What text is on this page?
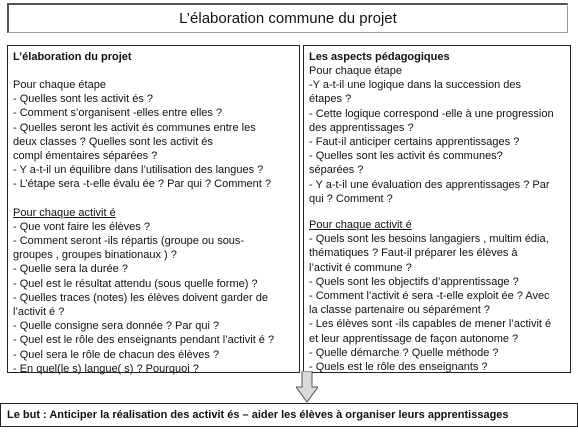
L’élaboration commune du projet
L’élaboration du projet
Pour chaque étape
- Quelles sont les activit és ?
- Comment s’organisent -elles entre elles ?
- Quelles seront les activit és communes entre les
deux classes ? Quelles sont les activit és
compl émentaires séparées ?
- Y a-t-il un équilibre dans l’utilisation des langues ?
- L’étape sera -t-elle évalu ée ? Par qui ? Comment ?
Pour chaque activit é
- Que vont faire les élèves ?
- Comment seront -ils répartis (groupe ou sous-
groupes , groupes binationaux ) ?
- Quelle sera la durée ?
- Quel est le résultat attendu (sous quelle forme) ?
- Quelles traces (notes) les élèves doivent garder de
l’activit é ?
- Quelle consigne sera donnée ? Par qui ?
- Quel est le rôle des enseignants pendant l’activit é ?
- Quel sera le rôle de chacun des élèves ?
- En quel(le s) langue( s) ? Pourquoi ?
Les aspects pédagogiques
Pour chaque étape
-Y a-t-il une logique dans la succession des
étapes ?
- Cette logique correspond -elle à une progression
des apprentissages ?
- Faut-il anticiper certains apprentissages ?
- Quelles sont les activit és communes?
séparées ?
- Y a-t-il une évaluation des apprentissages ? Par
qui ? Comment ?
Pour chaque activit é
- Quels sont les besoins langagiers , multim édia,
thématiques ? Faut-il préparer les élèves à
l’activit é commune ?
- Quels sont les objectifs d’apprentissage ?
- Comment l’activit é sera -t-elle exploit ée ? Avec
la classe partenaire ou séparément ?
- Les élèves sont -ils capables de mener l’activit é
et leur apprentissage de façon autonome ?
- Quelle démarche ? Quelle méthode ?
- Quels est le rôle des enseignants ?
Le but : Anticiper la réalisation des activit és – aider les élèves à organiser leurs apprentissages
